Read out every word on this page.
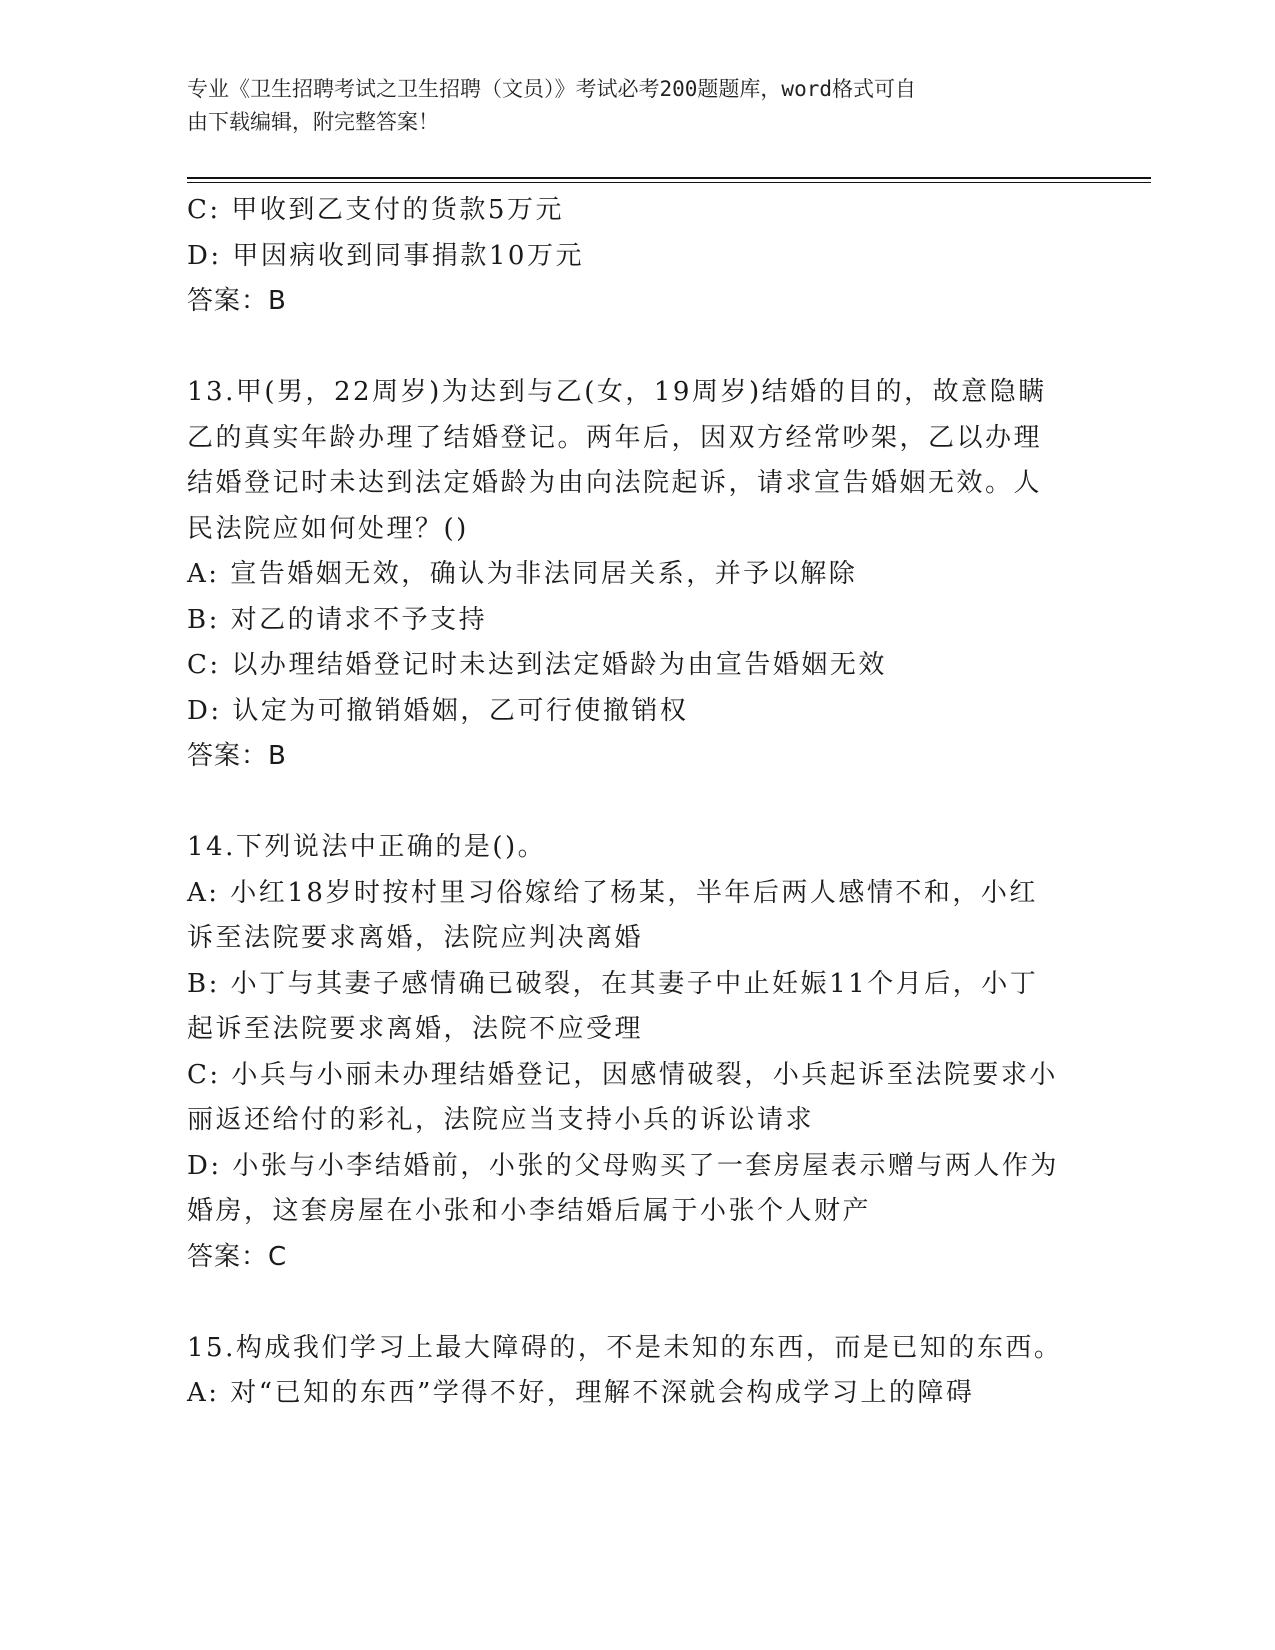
专业《卫生招聘考试之卫生招聘（文员）》考试必考200题题库，word格式可自
由下载编辑，附完整答案！
C: 甲收到乙支付的货款5万元
D: 甲因病收到同事捐款10万元
答案：B
13.甲(男，22周岁)为达到与乙(女，19周岁)结婚的目的，故意隐瞒
乙的真实年龄办理了结婚登记。两年后，因双方经常吵架，乙以办理
结婚登记时未达到法定婚龄为由向法院起诉，请求宣告婚姻无效。人
民法院应如何处理？()
A: 宣告婚姻无效，确认为非法同居关系，并予以解除
B: 对乙的请求不予支持
C: 以办理结婚登记时未达到法定婚龄为由宣告婚姻无效
D: 认定为可撤销婚姻，乙可行使撤销权
答案：B
14.下列说法中正确的是()。
A: 小红18岁时按村里习俗嫁给了杨某，半年后两人感情不和，小红
诉至法院要求离婚，法院应判决离婚
B: 小丁与其妻子感情确已破裂，在其妻子中止妊娠11个月后，小丁
起诉至法院要求离婚，法院不应受理
C: 小兵与小丽未办理结婚登记，因感情破裂，小兵起诉至法院要求小
丽返还给付的彩礼，法院应当支持小兵的诉讼请求
D: 小张与小李结婚前，小张的父母购买了一套房屋表示赠与两人作为
婚房，这套房屋在小张和小李结婚后属于小张个人财产
答案：C
15.构成我们学习上最大障碍的，不是未知的东西，而是已知的东西。
A: 对“已知的东西”学得不好，理解不深就会构成学习上的障碍
